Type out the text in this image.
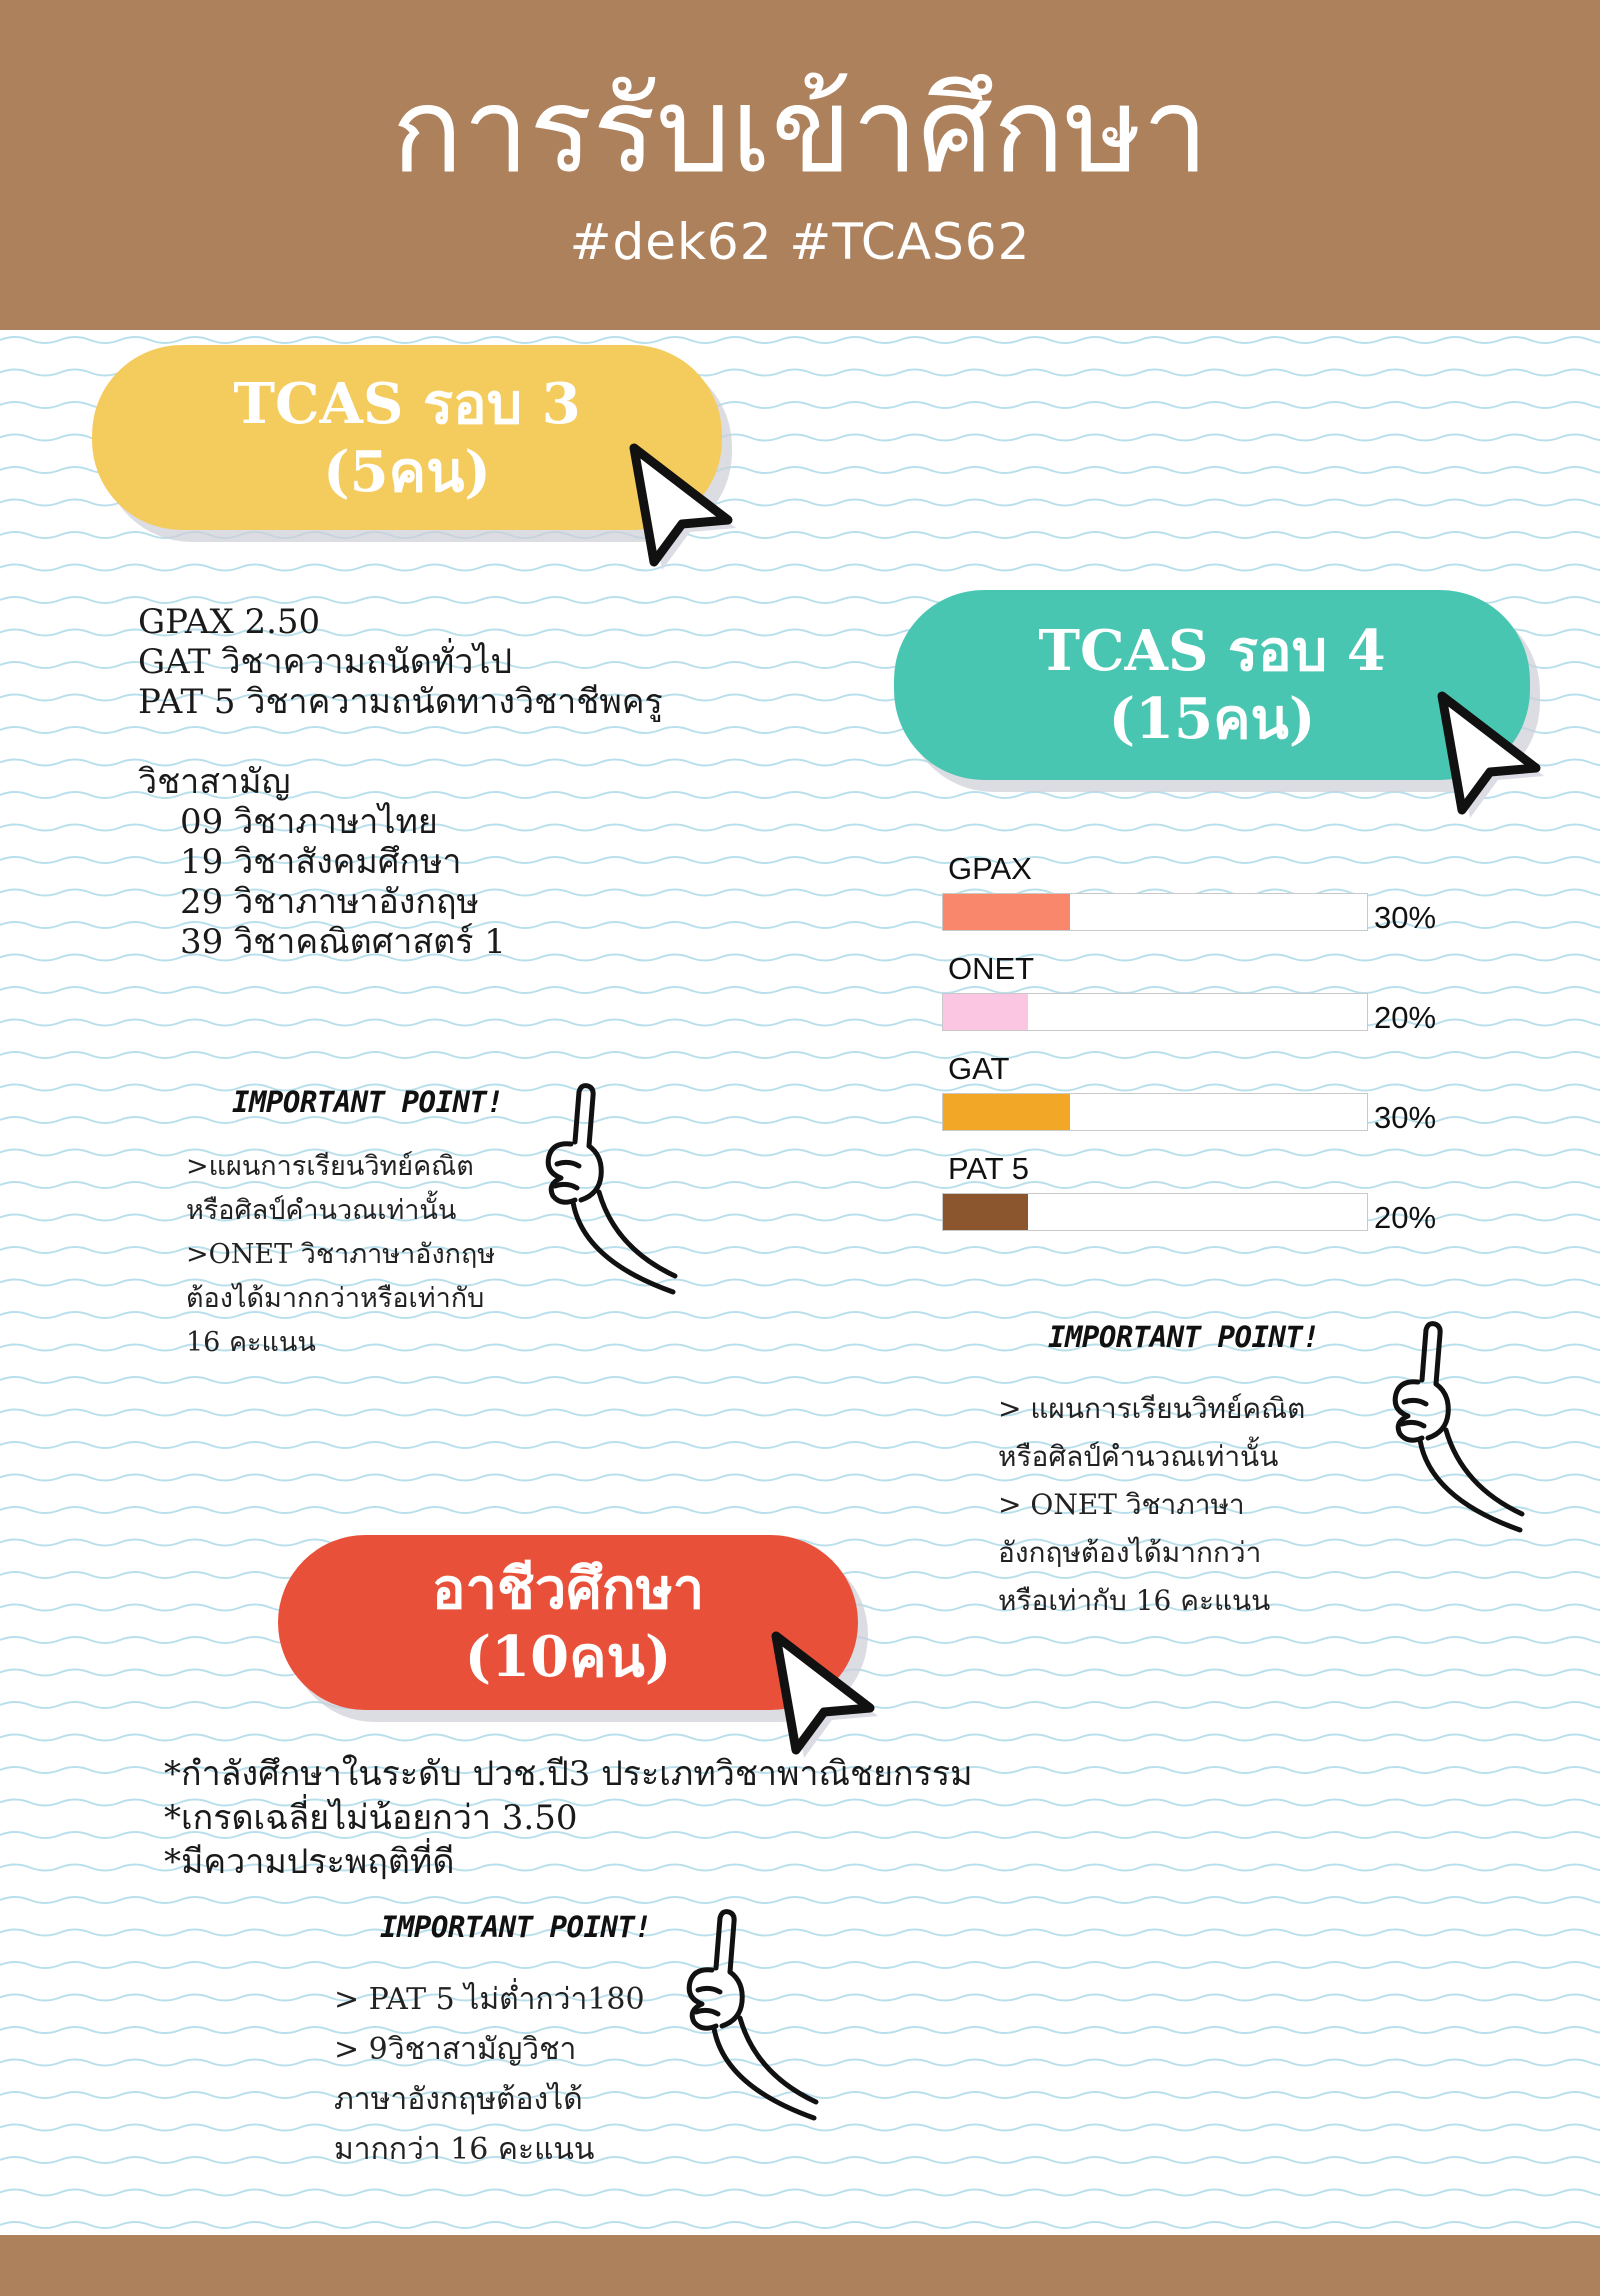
การรับเข้าศึกษา
#dek62 #TCAS62
TCAS รอบ 3
(5คน)
GPAX 2.50
GAT วิชาความถนัดทั่วไป
PAT 5 วิชาความถนัดทางวิชาชีพครู
วิชาสามัญ
09 วิชาภาษาไทย
19 วิชาสังคมศึกษา
29 วิชาภาษาอังกฤษ
39 วิชาคณิตศาสตร์ 1
IMPORTANT POINT!
>แผนการเรียนวิทย์คณิต
หรือศิลป์คำนวณเท่านั้น
>ONET วิชาภาษาอังกฤษ
ต้องได้มากกว่าหรือเท่ากับ
16 คะแนน
TCAS รอบ 4
(15คน)
GPAX
30%
ONET
20%
GAT
30%
PAT 5
20%
IMPORTANT POINT!
> แผนการเรียนวิทย์คณิต
หรือศิลป์คำนวณเท่านั้น
> ONET วิชาภาษา
อังกฤษต้องได้มากกว่า
หรือเท่ากับ 16 คะแนน
อาชีวศึกษา
(10คน)
*กำลังศึกษาในระดับ ปวช.ปี3 ประเภทวิชาพาณิชยกรรม
*เกรดเฉลี่ยไม่น้อยกว่า 3.50
*มีความประพฤติที่ดี
IMPORTANT POINT!
> PAT 5 ไม่ต่ำกว่า180
> 9วิชาสามัญวิชา
ภาษาอังกฤษต้องได้
มากกว่า 16 คะแนน
